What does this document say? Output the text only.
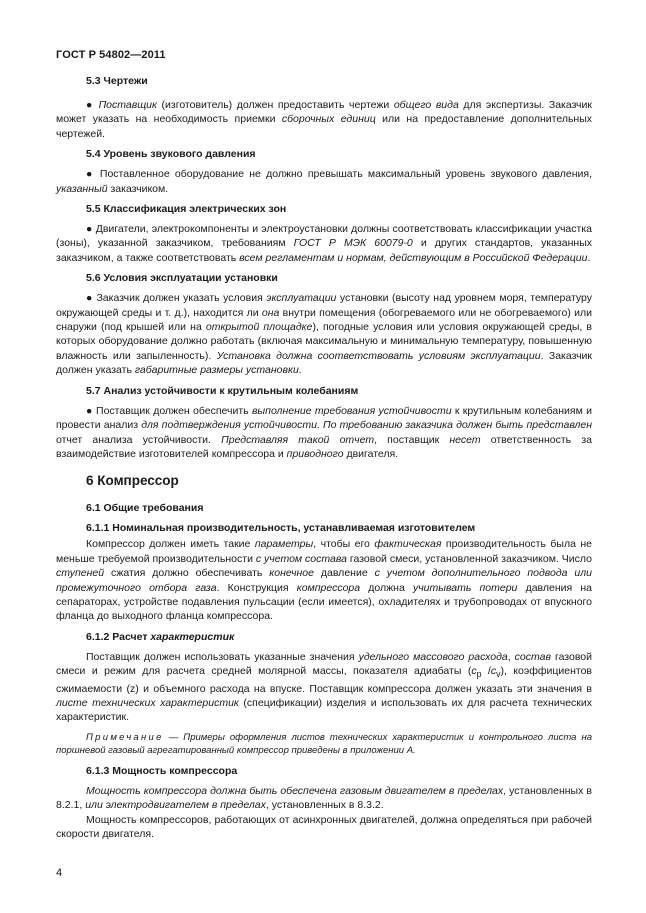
ГОСТ Р 54802—2011
5.3 Чертежи

● Поставщик (изготовитель) должен предоставить чертежи общего вида для экспертизы. Заказчик может указать на необходимость приемки сборочных единиц или на предоставление дополнительных чертежей.

5.4 Уровень звукового давления

● Поставленное оборудование не должно превышать максимальный уровень звукового давления, указанный заказчиком.

5.5 Классификация электрических зон

● Двигатели, электрокомпоненты и электроустановки должны соответствовать классификации участка (зоны), указанной заказчиком, требованиям ГОСТ Р МЭК 60079-0 и других стандартов, указанных заказчиком, а также соответствовать всем регламентам и нормам, действующим в Российской Федерации.

5.6 Условия эксплуатации установки

● Заказчик должен указать условия эксплуатации установки (высоту над уровнем моря, температуру окружающей среды и т. д.), находится ли она внутри помещения (обогреваемого или не обогреваемого) или снаружи (под крышей или на открытой площадке), погодные условия или условия окружающей среды, в которых оборудование должно работать (включая максимальную и минимальную температуру, повышенную влажность или запыленность). Установка должна соответствовать условиям эксплуатации. Заказчик должен указать габаритные размеры установки.

5.7 Анализ устойчивости к крутильным колебаниям

● Поставщик должен обеспечить выполнение требования устойчивости к крутильным колебаниям и провести анализ для подтверждения устойчивости. По требованию заказчика должен быть представлен отчет анализа устойчивости. Представляя такой отчет, поставщик несет ответственность за взаимодействие изготовителей компрессора и приводного двигателя.

6 Компрессор
6.1 Общие требования
6.1.1 Номинальная производительность, устанавливаемая изготовителем

Компрессор должен иметь такие параметры, чтобы его фактическая производительность была не меньше требуемой производительности с учетом состава газовой смеси, установленной заказчиком. Число ступеней сжатия должно обеспечивать конечное давление с учетом дополнительного подвода или промежуточного отбора газа. Конструкция компрессора должна учитывать потери давления на сепараторах, устройстве подавления пульсации (если имеется), охладителях и трубопроводах от впускного фланца до выходного фланца компрессора.

6.1.2 Расчет характеристик

Поставщик должен использовать указанные значения удельного массового расхода, состав газовой смеси и режим для расчета средней молярной массы, показателя адиабаты ($c_p$ $/c_v$), коэффициентов сжимаемости (z) и объемного расхода на впуске. Поставщик компрессора должен указать эти значения в листе технических характеристик (спецификации) изделия и использовать их для расчета технических характеристик.

Примечание — Примеры оформления листов технических характеристик и контрольного листа на поршневой газовый агрегатированный компрессор приведены в приложении А.

6.1.3 Мощность компрессора

Мощность компрессора должна быть обеспечена газовым двигателем в пределах, установленных в 8.2.1, или электродвигателем в пределах, установленных в 8.3.2.

Мощность компрессоров, работающих от асинхронных двигателей, должна определяться при рабочей скорости двигателя.

4
